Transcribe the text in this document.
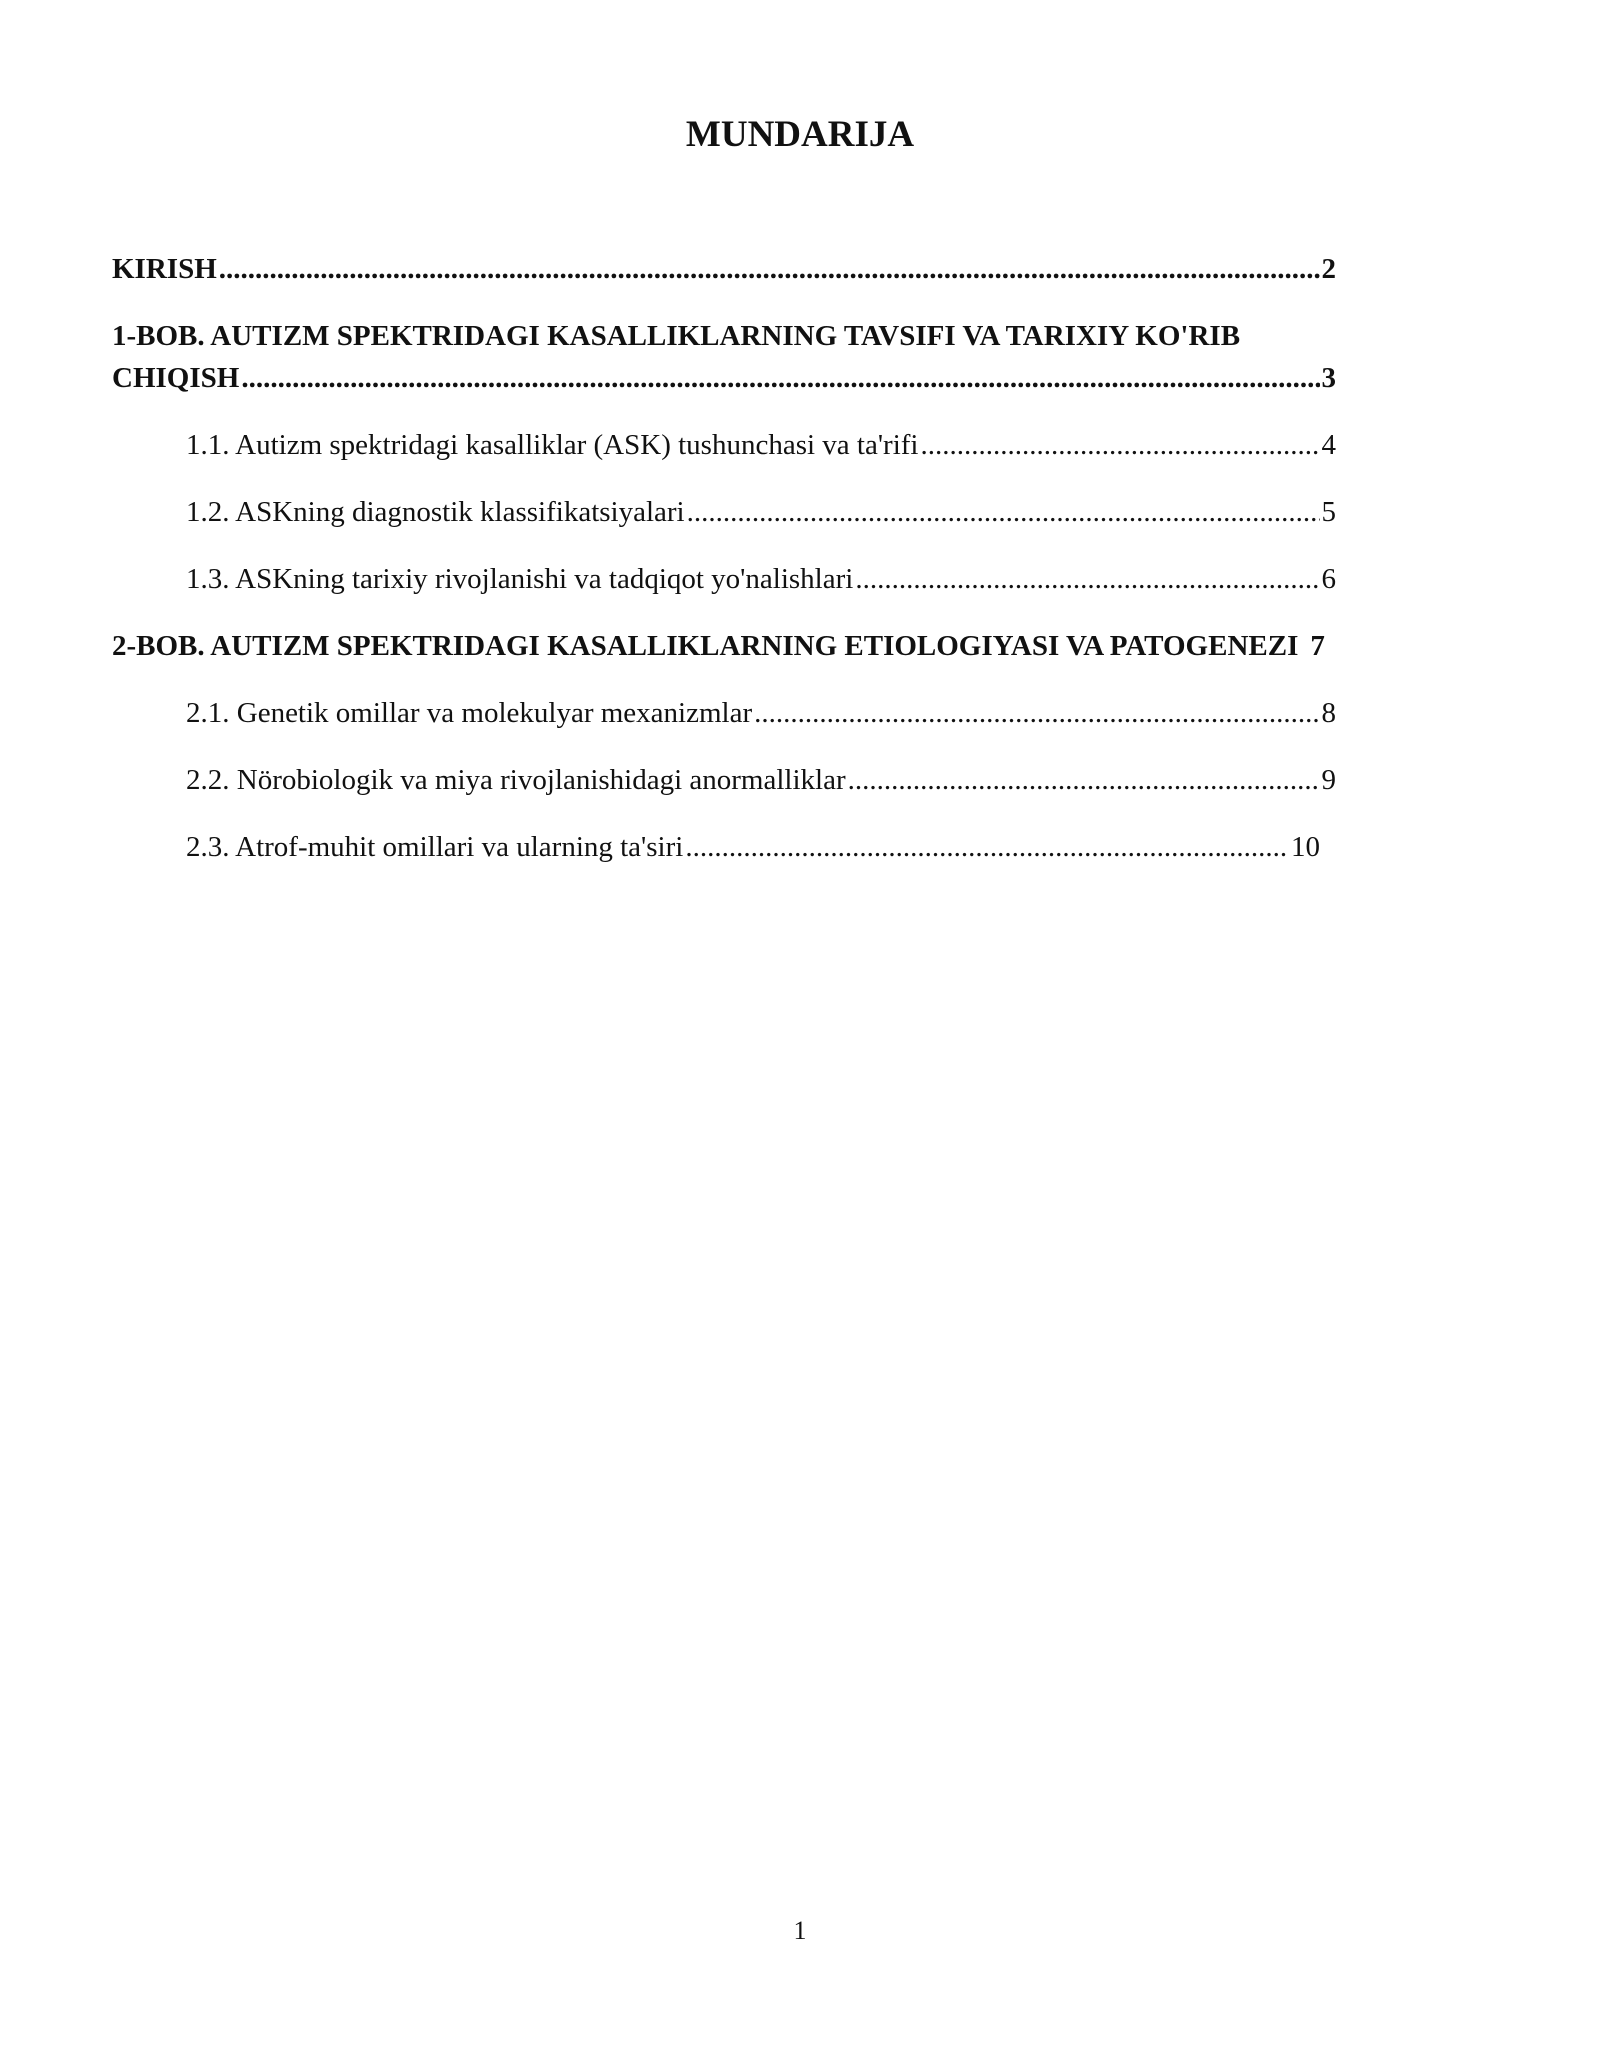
MUNDARIJA
KIRISH .....	2
1-BOB. AUTIZM SPEKTRIDAGI KASALLIKLARNING TAVSIFI VA TARIXIY KO'RIB
CHIQISH .....	3
1.1. Autizm spektridagi kasalliklar (ASK) tushunchasi va ta'rifi .....	4
1.2. ASKning diagnostik klassifikatsiyalari .....	5
1.3. ASKning tarixiy rivojlanishi va tadqiqot yo'nalishlari .....	6
2-BOB. AUTIZM SPEKTRIDAGI KASALLIKLARNING ETIOLOGIYASI VA PATOGENEZI 7
2.1. Genetik omillar va molekulyar mexanizmlar .....	8
2.2. Nörobiologik va miya rivojlanishidagi anormalliklar .....	9
2.3. Atrof-muhit omillari va ularning ta'siri .....	10
1
